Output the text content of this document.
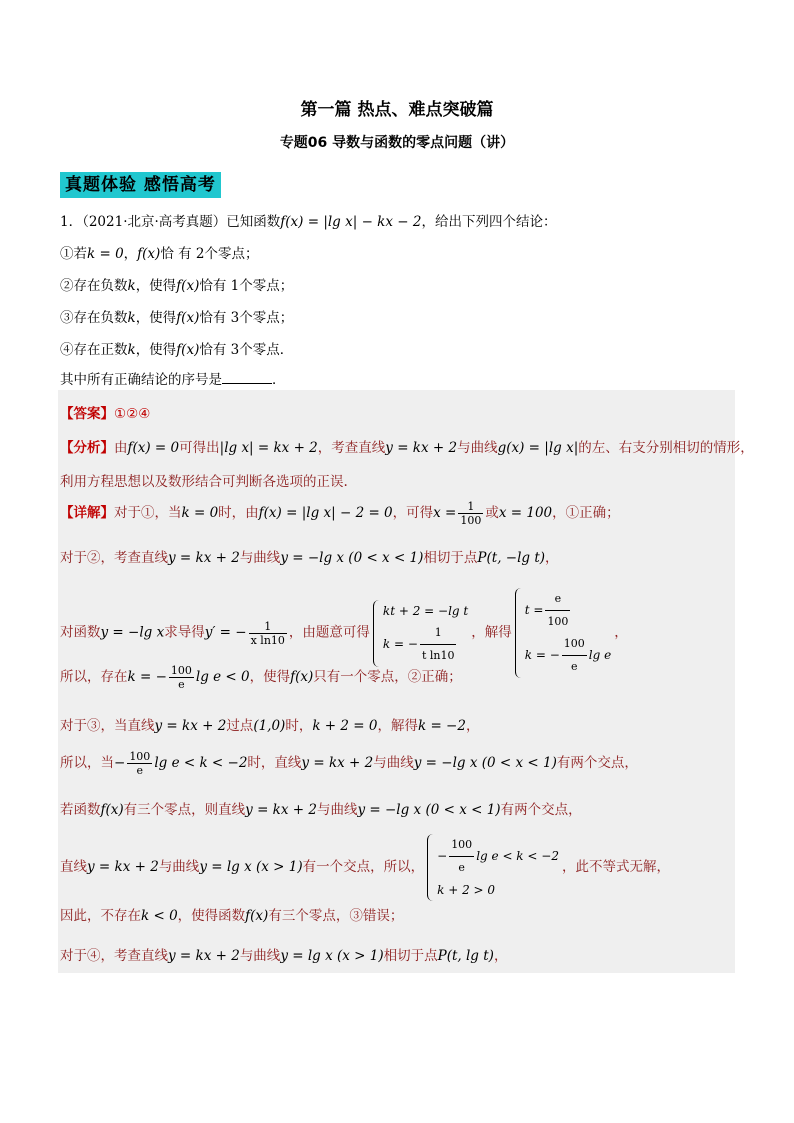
第一篇 热点、难点突破篇
专题06 导数与函数的零点问题（讲）
真题体验 感悟高考
1．（2021·北京·高考真题）已知函数f(x) = |lg x| − kx − 2，给出下列四个结论：
①若k = 0，f(x)恰 有 2个零点；
②存在负数k，使得f(x)恰有 1个零点；
③存在负数k，使得f(x)恰有 3个零点；
④存在正数k，使得f(x)恰有 3个零点．
其中所有正确结论的序号是	．
【答案】①②④
【分析】由f(x) = 0可得出|lg x| = kx + 2，考查直线y = kx + 2与曲线g(x) = |lg x|的左、右支分别相切的情形，
利用方程思想以及数形结合可判断各选项的正误.
【详解】对于①，当k = 0时，由f(x) = |lg x| − 2 = 0，可得$x = \frac{1}{100}$ 或x = 100，①正确；
对于②，考查直线y = kx + 2与曲线y = −lg x (0 < x < 1)相切于点P(t, −lg t)，
对函数y = −lg x求导得y′ = − $\frac{1}{\text{x ln10}}$ ，由题意可得
kt + 2 = −lg t
k = − $\frac{1}{\text{t ln10}}$ ，解得
$t = \frac{e}{100}$
k = − $\frac{100}{e}$ lg e
，
所以，存在k = − $\frac{100}{e}$ lg e < 0，使得f(x)只有一个零点，②正确；
对于③，当直线y = kx + 2过点(1,0)时，k + 2 = 0，解得k = −2，
所以，当− $\frac{100}{e}$ lg e < k < −2时，直线y = kx + 2与曲线y = −lg x (0 < x < 1)有两个交点，
若函数f(x)有三个零点，则直线y = kx + 2与曲线y = −lg x (0 < x < 1)有两个交点，
直线y = kx + 2与曲线y = lg x (x > 1)有一个交点，所以，
− $\frac{100}{e}$ lg e < k < −2
k + 2 > 0
，此不等式无解，
因此，不存在k < 0，使得函数f(x)有三个零点，③错误；
对于④，考查直线y = kx + 2与曲线y = lg x (x > 1)相切于点P(t, lg t)，
